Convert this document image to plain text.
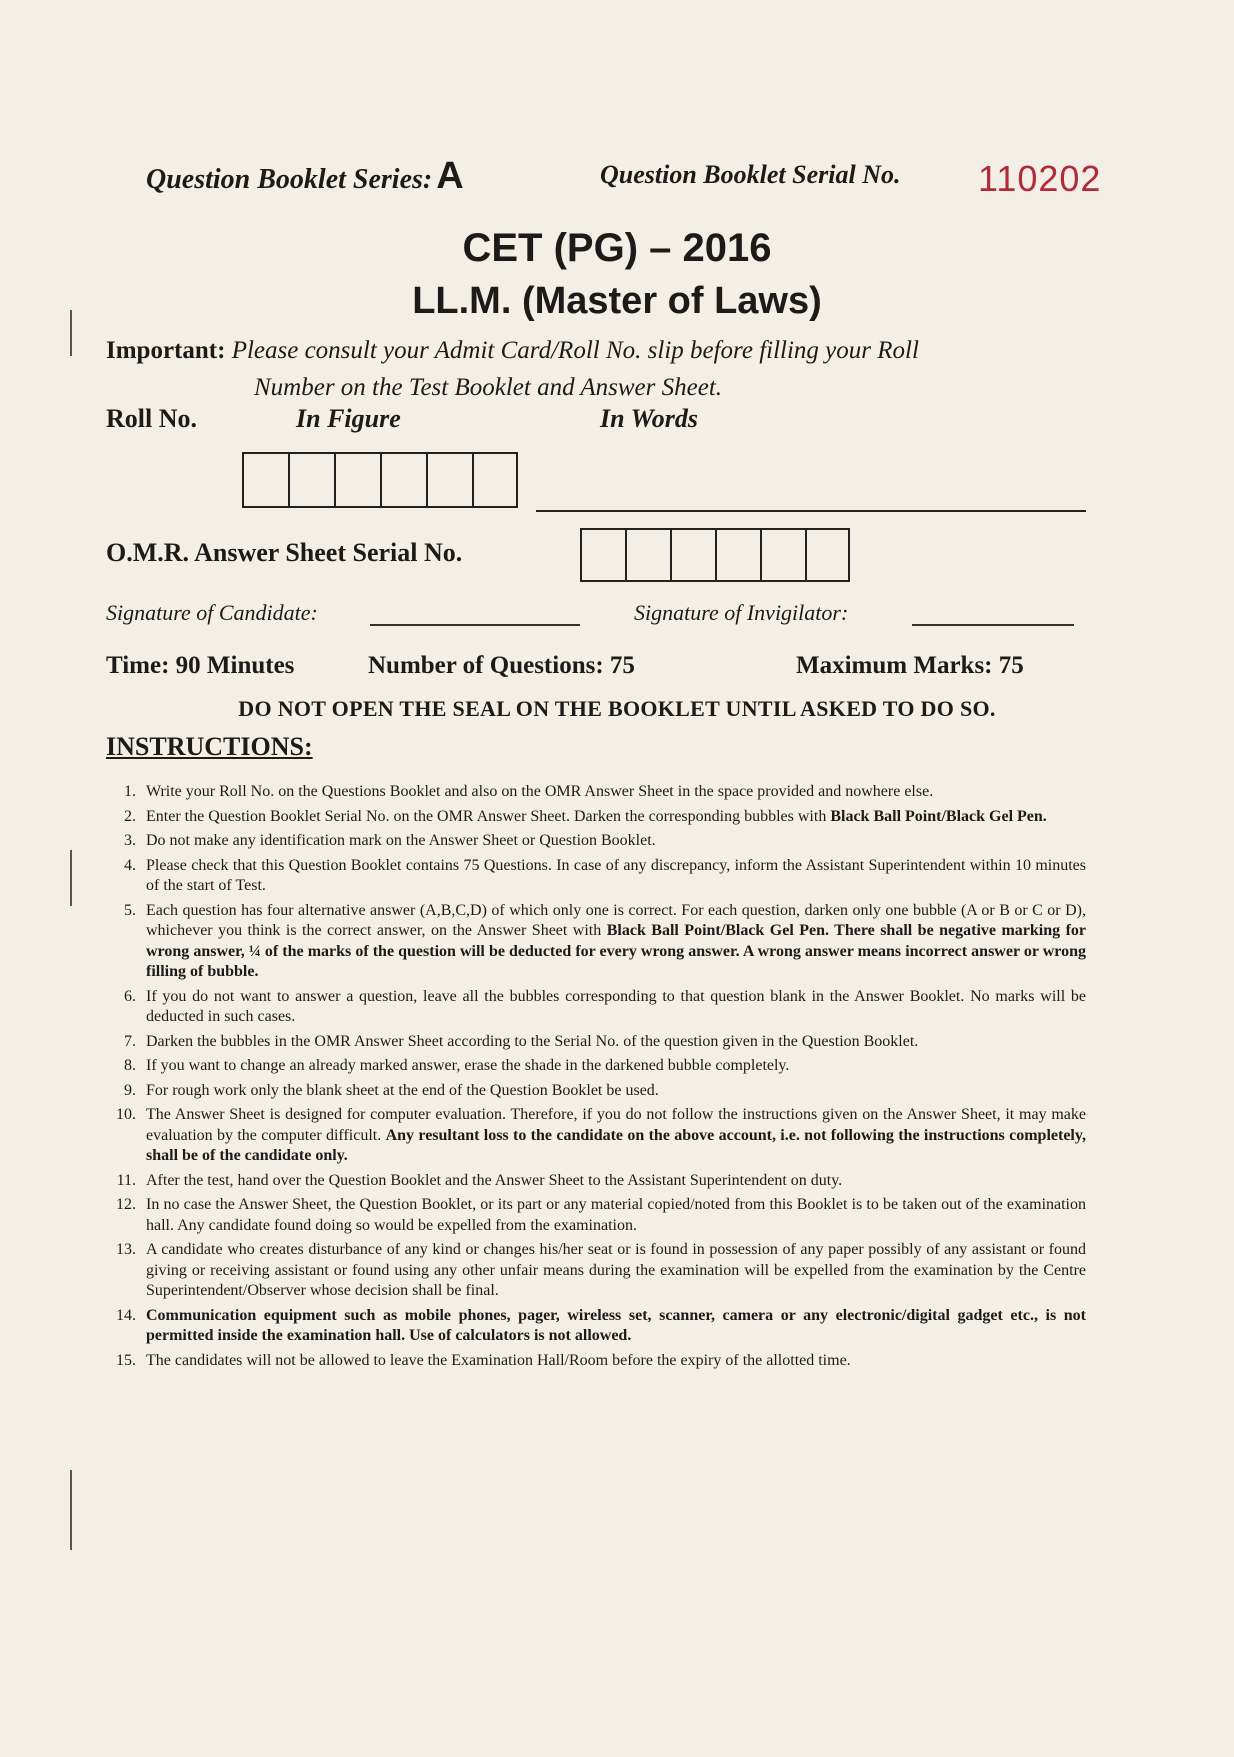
Question Booklet Series: A	Question Booklet Serial No. 110202
CET (PG) – 2016
LL.M. (Master of Laws)
Important: Please consult your Admit Card/Roll No. slip before filling your Roll
Number on the Test Booklet and Answer Sheet.
Roll No.	In Figure	In Words
O.M.R. Answer Sheet Serial No.
Signature of Candidate:	Signature of Invigilator:
Time: 90 Minutes	Number of Questions: 75	Maximum Marks: 75
DO NOT OPEN THE SEAL ON THE BOOKLET UNTIL ASKED TO DO SO.
INSTRUCTIONS:
1. Write your Roll No. on the Questions Booklet and also on the OMR Answer Sheet in the space provided and nowhere else.
2. Enter the Question Booklet Serial No. on the OMR Answer Sheet. Darken the corresponding bubbles with Black Ball Point/Black Gel Pen.
3. Do not make any identification mark on the Answer Sheet or Question Booklet.
4. Please check that this Question Booklet contains 75 Questions. In case of any discrepancy, inform the Assistant Superintendent within 10 minutes of the start of Test.
5. Each question has four alternative answer (A,B,C,D) of which only one is correct. For each question, darken only one bubble (A or B or C or D), whichever you think is the correct answer, on the Answer Sheet with Black Ball Point/Black Gel Pen. There shall be negative marking for wrong answer, ¼ of the marks of the question will be deducted for every wrong answer. A wrong answer means incorrect answer or wrong filling of bubble.
6. If you do not want to answer a question, leave all the bubbles corresponding to that question blank in the Answer Booklet. No marks will be deducted in such cases.
7. Darken the bubbles in the OMR Answer Sheet according to the Serial No. of the question given in the Question Booklet.
8. If you want to change an already marked answer, erase the shade in the darkened bubble completely.
9. For rough work only the blank sheet at the end of the Question Booklet be used.
10. The Answer Sheet is designed for computer evaluation. Therefore, if you do not follow the instructions given on the Answer Sheet, it may make evaluation by the computer difficult. Any resultant loss to the candidate on the above account, i.e. not following the instructions completely, shall be of the candidate only.
11. After the test, hand over the Question Booklet and the Answer Sheet to the Assistant Superintendent on duty.
12. In no case the Answer Sheet, the Question Booklet, or its part or any material copied/noted from this Booklet is to be taken out of the examination hall. Any candidate found doing so would be expelled from the examination.
13. A candidate who creates disturbance of any kind or changes his/her seat or is found in possession of any paper possibly of any assistant or found giving or receiving assistant or found using any other unfair means during the examination will be expelled from the examination by the Centre Superintendent/Observer whose decision shall be final.
14. Communication equipment such as mobile phones, pager, wireless set, scanner, camera or any electronic/digital gadget etc., is not permitted inside the examination hall. Use of calculators is not allowed.
15. The candidates will not be allowed to leave the Examination Hall/Room before the expiry of the allotted time.
